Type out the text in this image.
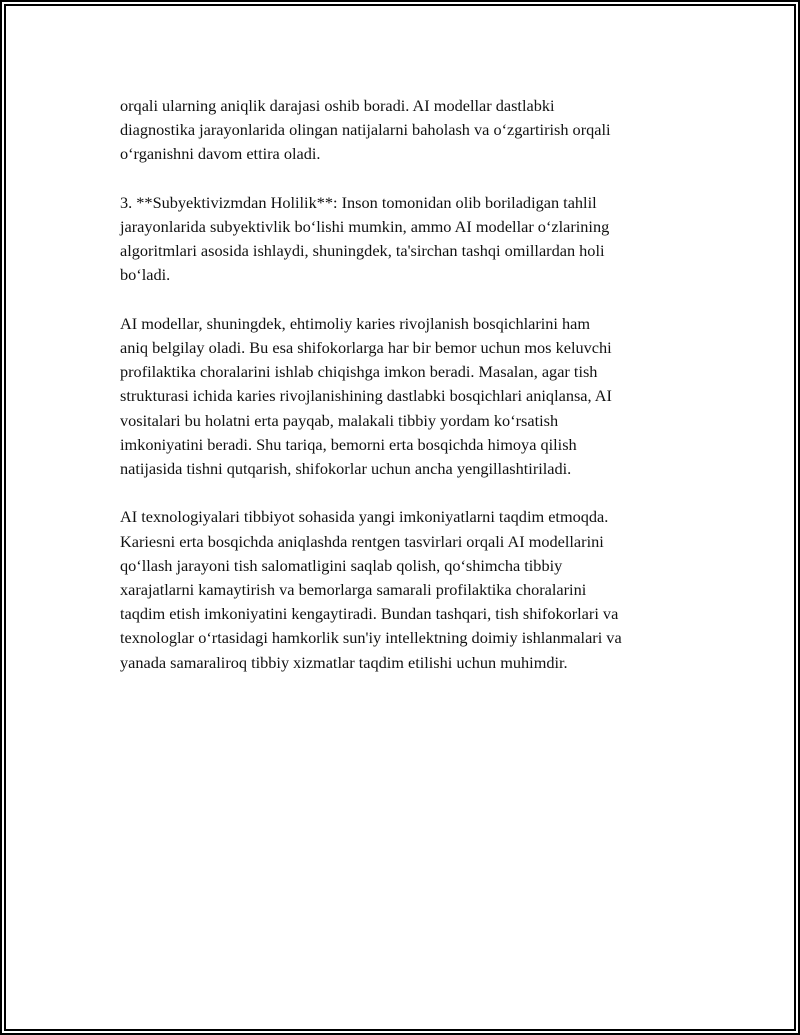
orqali ularning aniqlik darajasi oshib boradi. AI modellar dastlabki
diagnostika jarayonlarida olingan natijalarni baholash va o‘zgartirish orqali
o‘rganishni davom ettira oladi.

3. **Subyektivizmdan Holilik**: Inson tomonidan olib boriladigan tahlil
jarayonlarida subyektivlik bo‘lishi mumkin, ammo AI modellar o‘zlarining
algoritmlari asosida ishlaydi, shuningdek, ta'sirchan tashqi omillardan holi
bo‘ladi.

AI modellar, shuningdek, ehtimoliy karies rivojlanish bosqichlarini ham
aniq belgilay oladi. Bu esa shifokorlarga har bir bemor uchun mos keluvchi
profilaktika choralarini ishlab chiqishga imkon beradi. Masalan, agar tish
strukturasi ichida karies rivojlanishining dastlabki bosqichlari aniqlansa, AI
vositalari bu holatni erta payqab, malakali tibbiy yordam ko‘rsatish
imkoniyatini beradi. Shu tariqa, bemorni erta bosqichda himoya qilish
natijasida tishni qutqarish, shifokorlar uchun ancha yengillashtiriladi.

AI texnologiyalari tibbiyot sohasida yangi imkoniyatlarni taqdim etmoqda.
Kariesni erta bosqichda aniqlashda rentgen tasvirlari orqali AI modellarini
qo‘llash jarayoni tish salomatligini saqlab qolish, qo‘shimcha tibbiy
xarajatlarni kamaytirish va bemorlarga samarali profilaktika choralarini
taqdim etish imkoniyatini kengaytiradi. Bundan tashqari, tish shifokorlari va
texnologlar o‘rtasidagi hamkorlik sun'iy intellektning doimiy ishlanmalari va
yanada samaraliroq tibbiy xizmatlar taqdim etilishi uchun muhimdir.
